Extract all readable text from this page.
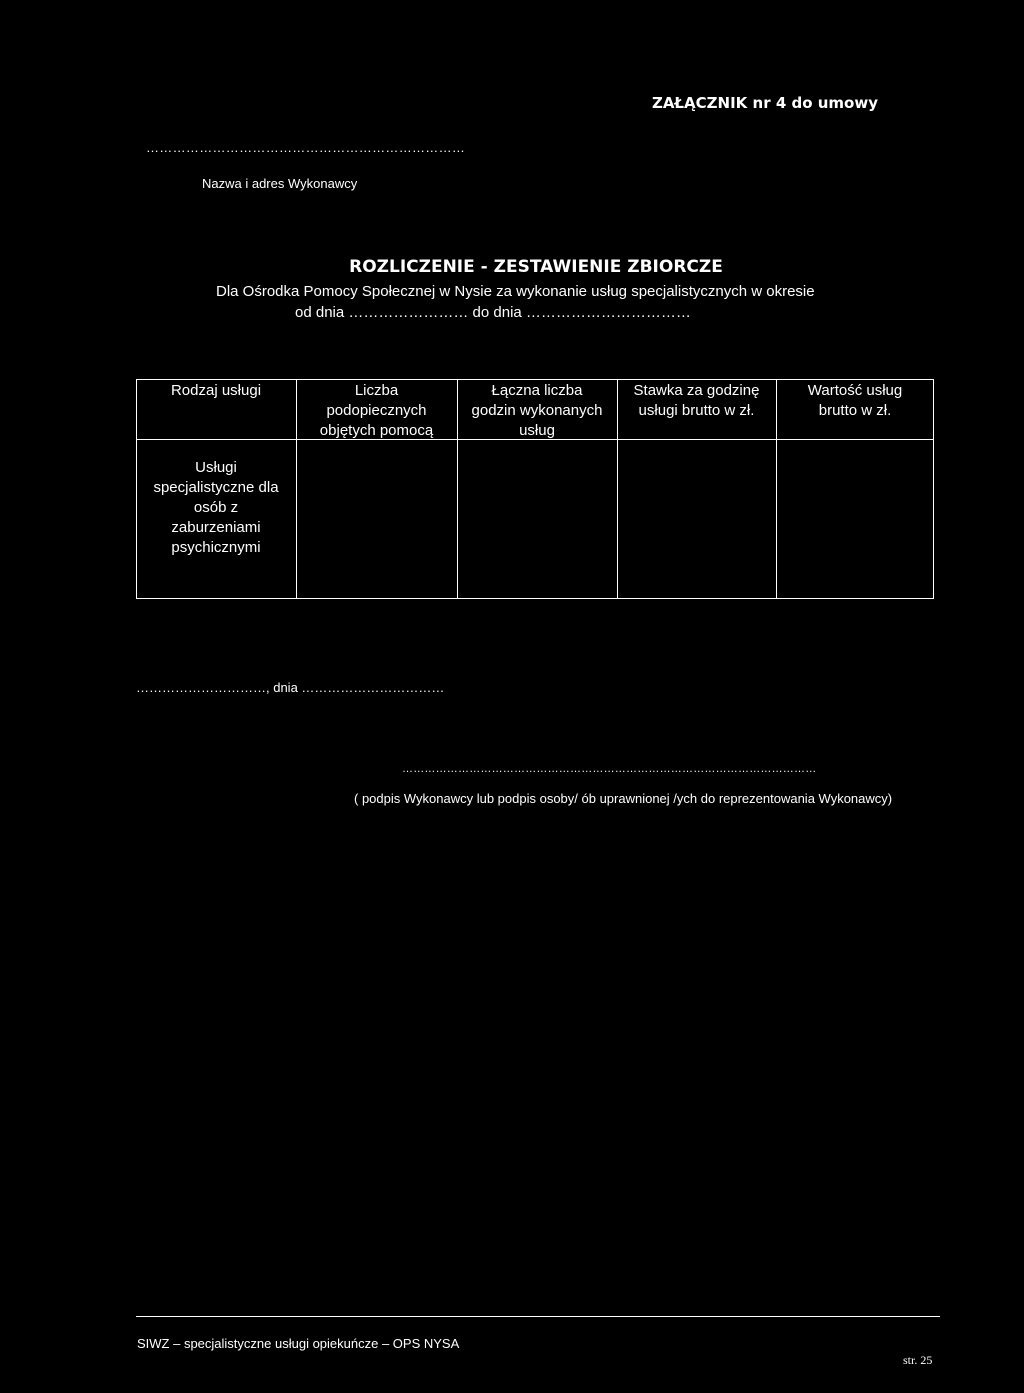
ZAŁĄCZNIK nr 4 do umowy
………………………………………………………………
Nazwa i adres Wykonawcy
ROZLICZENIE - ZESTAWIENIE ZBIORCZE
Dla Ośrodka Pomocy Społecznej w Nysie za wykonanie usług specjalistycznych w okresie
od dnia …………………… do dnia ……………………………
Rodzaj usługi	Liczba
podopiecznych
objętych pomocą
Łączna liczba
godzin wykonanych
usług
Stawka za godzinę
usługi brutto w zł.
Wartość usług
brutto w zł.
Usługi
specjalistyczne dla
osób z
zaburzeniami
psychicznymi
…………………………, dnia ……………………………
…………………………………………………………………………………………………
( podpis Wykonawcy lub podpis osoby/ ób uprawnionej /ych do reprezentowania Wykonawcy)
SIWZ – specjalistyczne usługi opiekuńcze – OPS NYSA
str. 25
